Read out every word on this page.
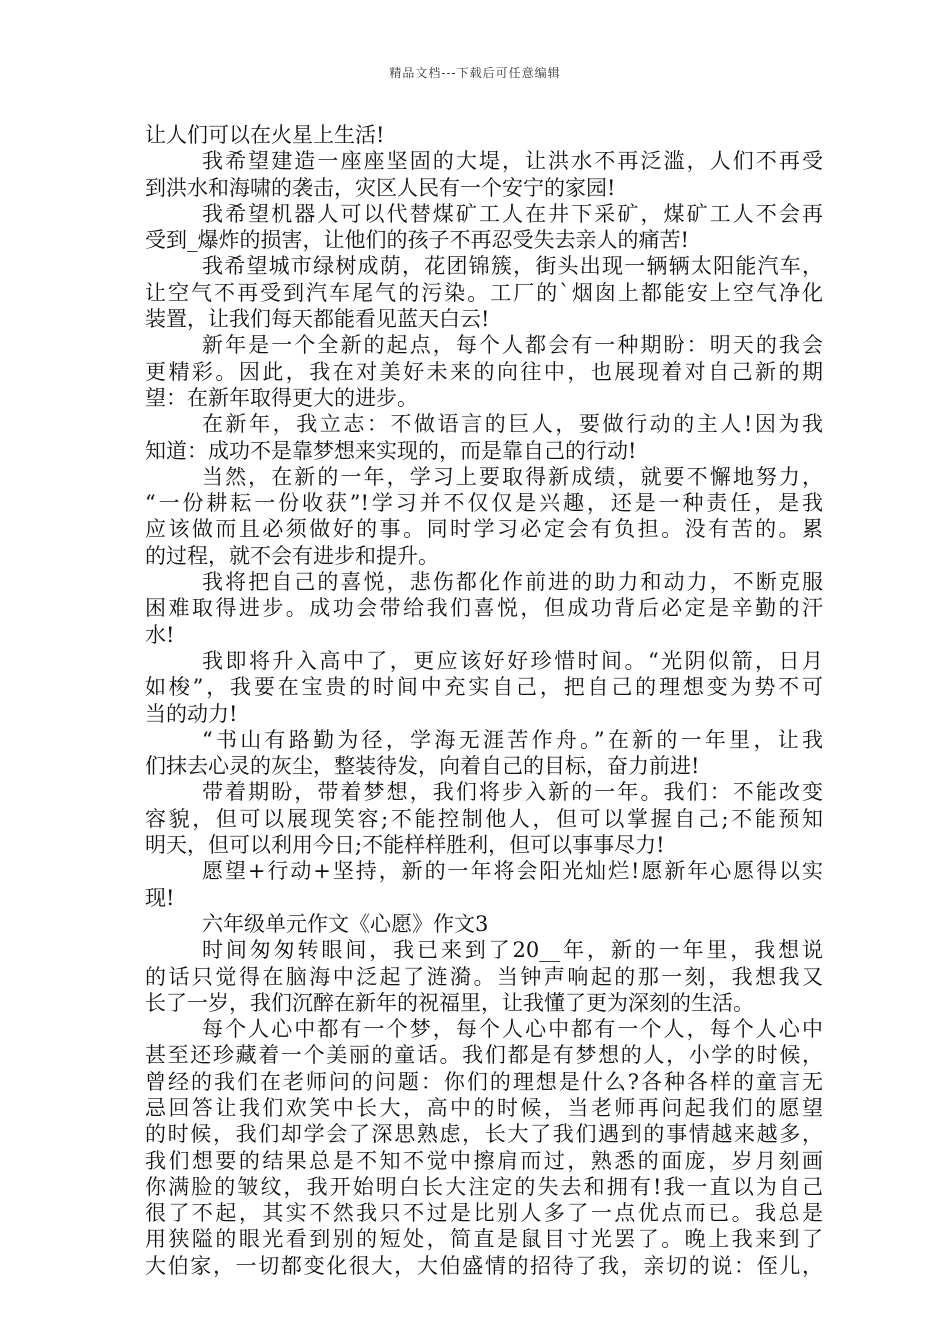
精品文档---下载后可任意编辑
让人们可以在火星上生活!
我希望建造一座座坚固的大堤，让洪水不再泛滥，人们不再受
到洪水和海啸的袭击，灾区人民有一个安宁的家园!
我希望机器人可以代替煤矿工人在井下采矿，煤矿工人不会再
受到_爆炸的损害，让他们的孩子不再忍受失去亲人的痛苦!
我希望城市绿树成荫，花团锦簇，街头出现一辆辆太阳能汽车，
让空气不再受到汽车尾气的污染。工厂的`烟囱上都能安上空气净化
装置，让我们每天都能看见蓝天白云!
新年是一个全新的起点，每个人都会有一种期盼：明天的我会
更精彩。因此，我在对美好未来的向往中，也展现着对自己新的期
望：在新年取得更大的进步。
在新年，我立志：不做语言的巨人，要做行动的主人!因为我
知道：成功不是靠梦想来实现的，而是靠自己的行动!
当然，在新的一年，学习上要取得新成绩，就要不懈地努力，
“一份耕耘一份收获”!学习并不仅仅是兴趣，还是一种责任，是我
应该做而且必须做好的事。同时学习必定会有负担。没有苦的。累
的过程，就不会有进步和提升。
我将把自己的喜悦，悲伤都化作前进的助力和动力，不断克服
困难取得进步。成功会带给我们喜悦，但成功背后必定是辛勤的汗
水!
我即将升入高中了，更应该好好珍惜时间。“光阴似箭，日月
如梭”，我要在宝贵的时间中充实自己，把自己的理想变为势不可
当的动力!
“书山有路勤为径，学海无涯苦作舟。”在新的一年里，让我
们抹去心灵的灰尘，整装待发，向着自己的目标，奋力前进!
带着期盼，带着梦想，我们将步入新的一年。我们：不能改变
容貌，但可以展现笑容;不能控制他人，但可以掌握自己;不能预知
明天，但可以利用今日;不能样样胜利，但可以事事尽力!
愿望+行动+坚持，新的一年将会阳光灿烂!愿新年心愿得以实
现!
六年级单元作文《心愿》作文3
时间匆匆转眼间，我已来到了20__年，新的一年里，我想说
的话只觉得在脑海中泛起了涟漪。当钟声响起的那一刻，我想我又
长了一岁，我们沉醉在新年的祝福里，让我懂了更为深刻的生活。
每个人心中都有一个梦，每个人心中都有一个人，每个人心中
甚至还珍藏着一个美丽的童话。我们都是有梦想的人，小学的时候，
曾经的我们在老师问的问题：你们的理想是什么?各种各样的童言无
忌回答让我们欢笑中长大，高中的时候，当老师再问起我们的愿望
的时候，我们却学会了深思熟虑，长大了我们遇到的事情越来越多，
我们想要的结果总是不知不觉中擦肩而过，熟悉的面庞，岁月刻画
你满脸的皱纹，我开始明白长大注定的失去和拥有!我一直以为自己
很了不起，其实不然我只不过是比别人多了一点优点而已。我总是
用狭隘的眼光看到别的短处，简直是鼠目寸光罢了。晚上我来到了
大伯家，一切都变化很大，大伯盛情的招待了我，亲切的说：侄儿，
